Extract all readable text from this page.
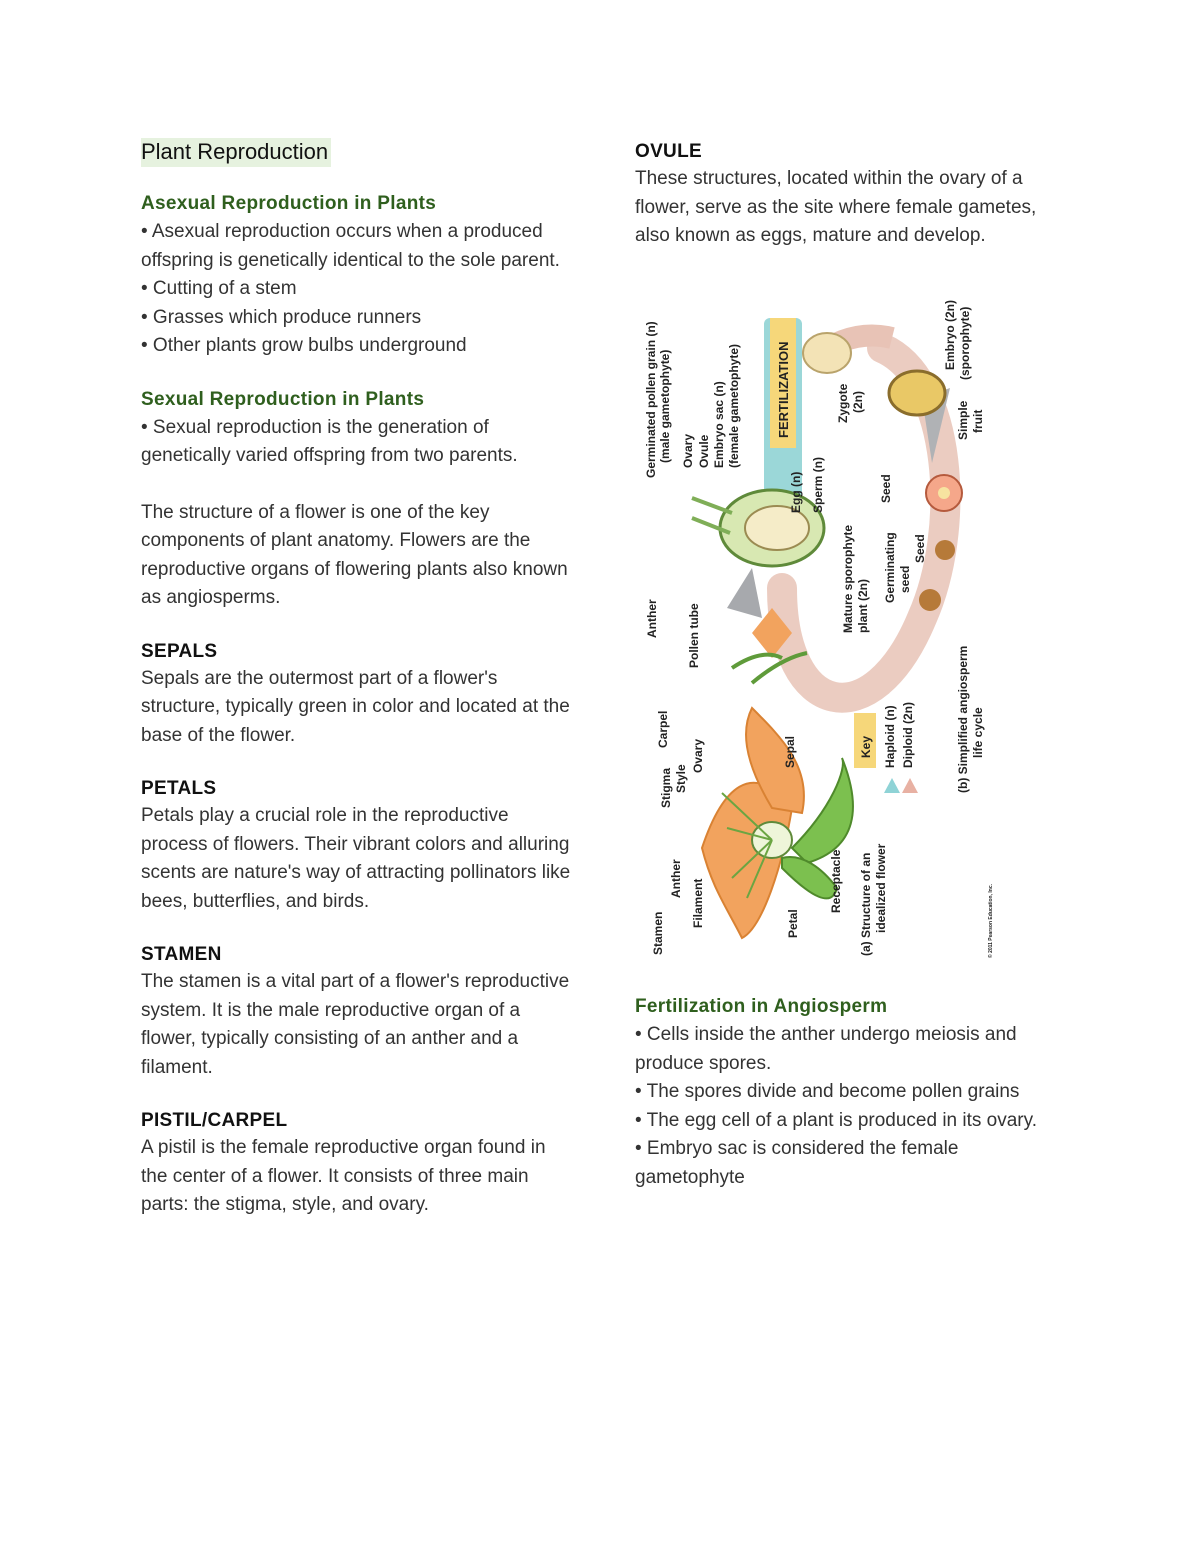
Plant Reproduction
Asexual Reproduction in Plants

• Asexual reproduction occurs when a produced offspring is genetically identical to the sole parent.

• Cutting of a stem

• Grasses which produce runners

• Other plants grow bulbs underground

Sexual Reproduction in Plants

• Sexual reproduction is the generation of genetically varied offspring from two parents.

The structure of a flower is one of the key components of plant anatomy. Flowers are the reproductive organs of flowering plants also known as angiosperms.

SEPALS

Sepals are the outermost part of a flower's structure, typically green in color and located at the base of the flower.

PETALS

Petals play a crucial role in the reproductive process of flowers. Their vibrant colors and alluring scents are nature's way of attracting pollinators like bees, butterflies, and birds.

STAMEN

The stamen is a vital part of a flower's reproductive system. It is the male reproductive organ of a flower, typically consisting of an anther and a filament.

PISTIL/CARPEL

A pistil is the female reproductive organ found in the center of a flower. It consists of three main parts: the stigma, style, and ovary.

OVULE

These structures, located within the ovary of a flower, serve as the site where female gametes, also known as eggs, mature and develop.

FERTILIZATION
Key
Germinated pollen grain (n) (male gametophyte) Ovary Ovule Embryo sac (n) (female gametophyte)
Egg (n) Sperm (n)
Zygote (2n)
Embryo (2n) (sporophyte)
Simple fruit
Seed
Seed
Germinating seed
Mature sporophyte plant (2n)
Anther Pollen tube
Haploid (n) Diploid (2n)	(b) Simplified angiosperm life cycle
Carpel
Stigma Style
Ovary	Sepal
Stamen
Anther Filament	Petal
Receptacle (a) Structure of an idealized flower	© 2011 Pearson Education, Inc.
Fertilization in Angiosperm

• Cells inside the anther undergo meiosis and produce spores.

• The spores divide and become pollen grains

• The egg cell of a plant is produced in its ovary.

• Embryo sac is considered the female gametophyte
